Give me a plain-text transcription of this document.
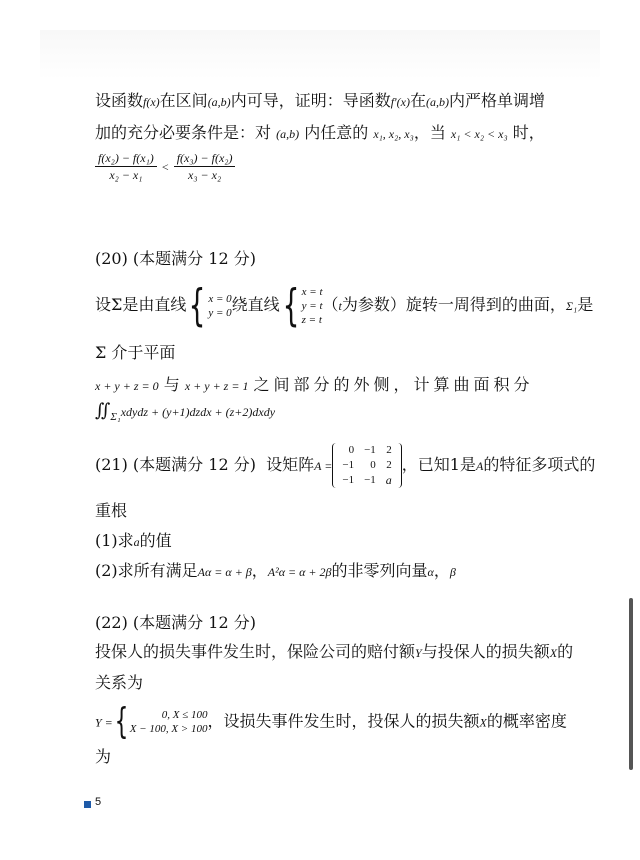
设函数f(x)在区间(a,b)内可导，证明：导函数f′(x)在(a,b)内严格单调增
加的充分必要条件是：对 (a,b) 内任意的 x₁, x₂, x₃，当 x₁ < x₂ < x₃ 时，
$\frac{\text{f(x₂) − f(x₁)}}{\text{x₂ − x₁}} < \frac{\text{f(x₃) − f(x₂)}}{\text{x₃ − x₂}}$
(20) (本题满分 12 分)
设Σ是由直线{ x = 0
y = 0 绕直线{ x = t
y = t
z = t
（t为参数）旋转一周得到的曲面，Σ₁是
Σ 介于平面
x + y + z = 0 与 x + y + z = 1 之间部分的外侧，计算曲面积分
$∬_{\Sigma_1}xdydz$ + (y+1)dzdx + (z+2)dxdy
(21) (本题满分 12 分) 设矩阵A =
0	−1	2
−1	0	2
−1	−1	a
，已知1是A的特征多项式的
重根
(1)求a的值
(2)求所有满足Aα = α + β，A²α = α + 2β的非零列向量α，β
(22) (本题满分 12 分)
投保人的损失事件发生时，保险公司的赔付额Y与投保人的损失额X的
关系为
Y ={	0, X ≤ 100
X − 100, X > 100 ，设损失事件发生时，投保人的损失额X的概率密度
为
5
